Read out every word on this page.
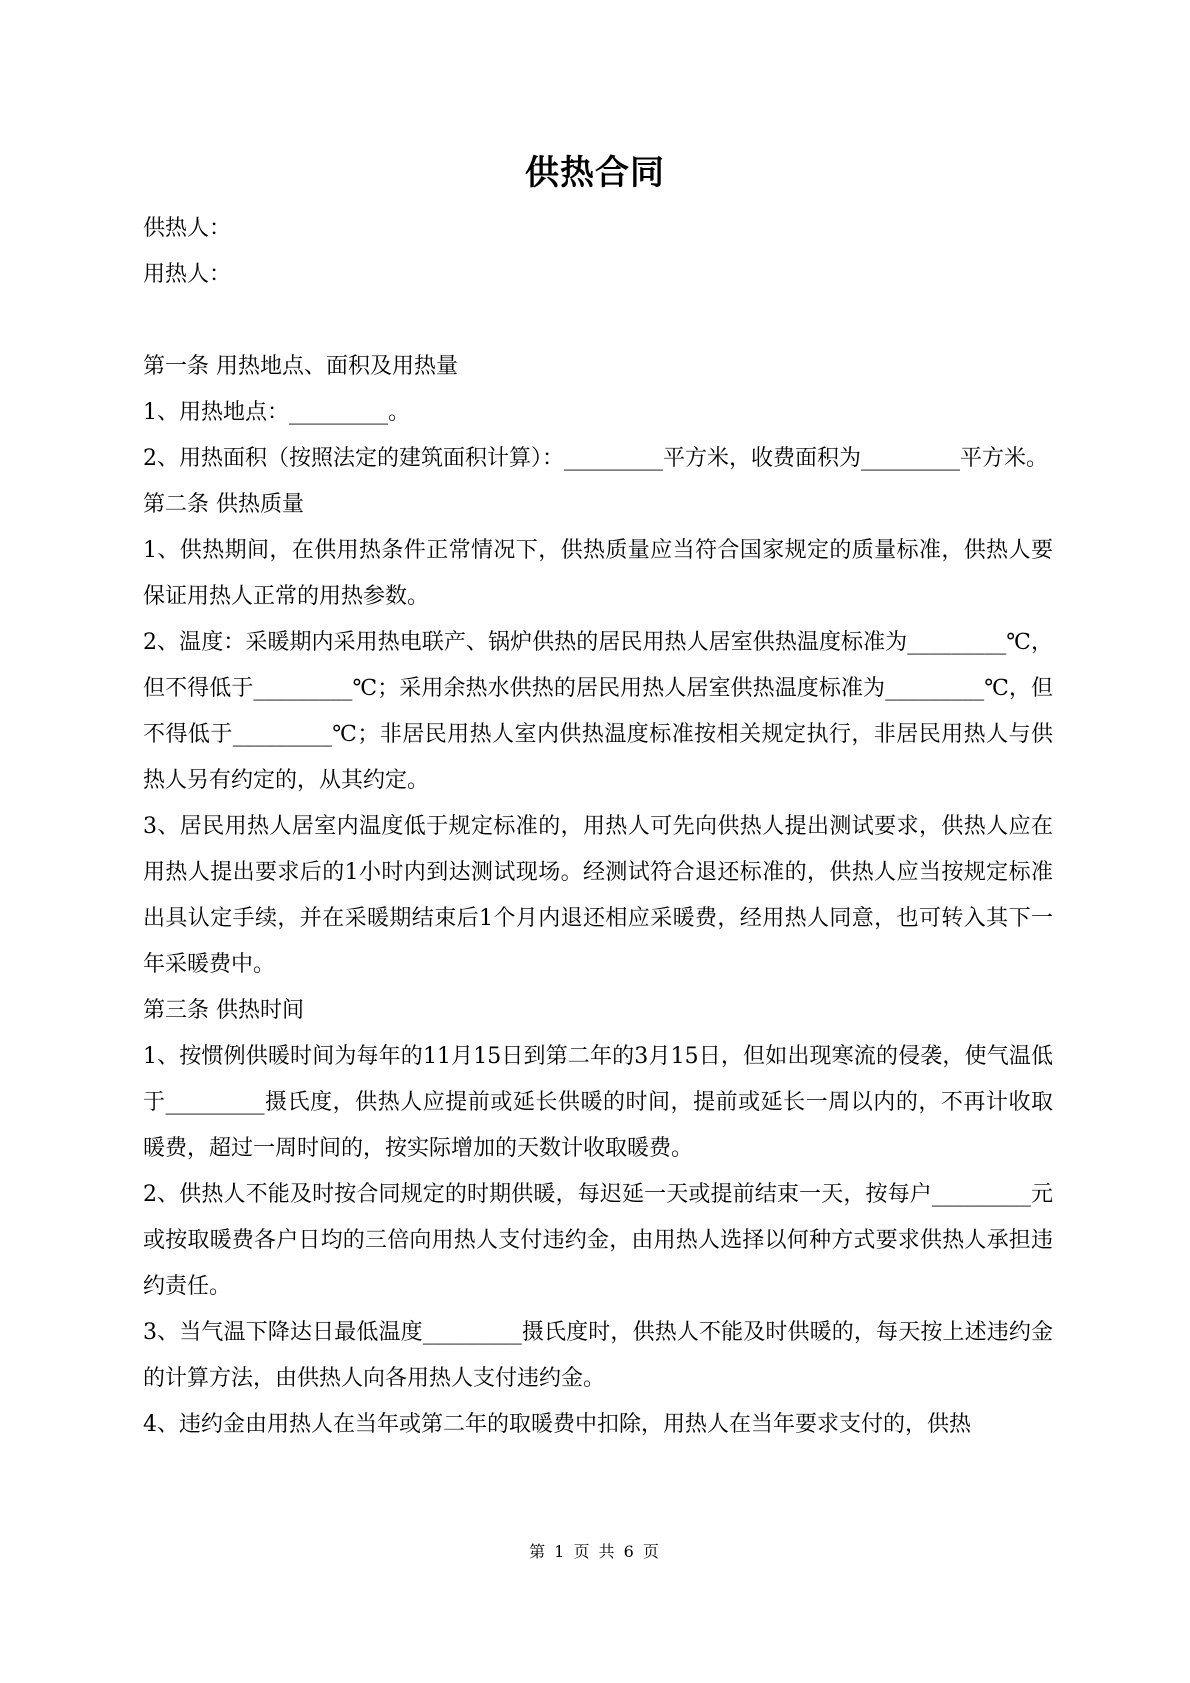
供热合同

供热人：

用热人：

第一条 用热地点、面积及用热量

1、用热地点：_________。

2、用热面积（按照法定的建筑面积计算）：_________平方米，收费面积为_________平方米。

第二条 供热质量

1、供热期间，在供用热条件正常情况下，供热质量应当符合国家规定的质量标准，供热人要保证用热人正常的用热参数。

2、温度：采暖期内采用热电联产、锅炉供热的居民用热人居室供热温度标准为_________℃，但不得低于_________℃；采用余热水供热的居民用热人居室供热温度标准为_________℃，但不得低于_________℃；非居民用热人室内供热温度标准按相关规定执行，非居民用热人与供热人另有约定的，从其约定。

3、居民用热人居室内温度低于规定标准的，用热人可先向供热人提出测试要求，供热人应在用热人提出要求后的1小时内到达测试现场。经测试符合退还标准的，供热人应当按规定标准出具认定手续，并在采暖期结束后1个月内退还相应采暖费，经用热人同意，也可转入其下一年采暖费中。

第三条 供热时间

1、按惯例供暖时间为每年的11月15日到第二年的3月15日，但如出现寒流的侵袭，使气温低于_________摄氏度，供热人应提前或延长供暖的时间，提前或延长一周以内的，不再计收取暖费，超过一周时间的，按实际增加的天数计收取暖费。

2、供热人不能及时按合同规定的时期供暖，每迟延一天或提前结束一天，按每户_________元或按取暖费各户日均的三倍向用热人支付违约金，由用热人选择以何种方式要求供热人承担违约责任。

3、当气温下降达日最低温度_________摄氏度时，供热人不能及时供暖的，每天按上述违约金的计算方法，由供热人向各用热人支付违约金。

4、违约金由用热人在当年或第二年的取暖费中扣除，用热人在当年要求支付的，供热

第 1 页 共 6 页
